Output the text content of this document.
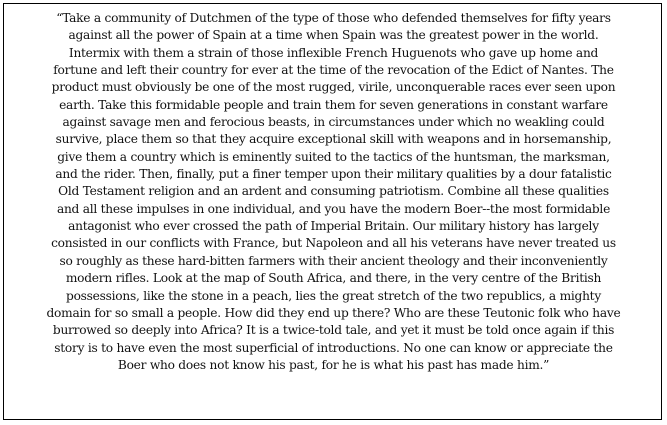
“Take a community of Dutchmen of the type of those who defended themselves for fifty years
against all the power of Spain at a time when Spain was the greatest power in the world.
Intermix with them a strain of those inflexible French Huguenots who gave up home and
fortune and left their country for ever at the time of the revocation of the Edict of Nantes. The
product must obviously be one of the most rugged, virile, unconquerable races ever seen upon
earth. Take this formidable people and train them for seven generations in constant warfare
against savage men and ferocious beasts, in circumstances under which no weakling could
survive, place them so that they acquire exceptional skill with weapons and in horsemanship,
give them a country which is eminently suited to the tactics of the huntsman, the marksman,
and the rider. Then, finally, put a finer temper upon their military qualities by a dour fatalistic
Old Testament religion and an ardent and consuming patriotism. Combine all these qualities
and all these impulses in one individual, and you have the modern Boer--the most formidable
antagonist who ever crossed the path of Imperial Britain. Our military history has largely
consisted in our conflicts with France, but Napoleon and all his veterans have never treated us
so roughly as these hard-bitten farmers with their ancient theology and their inconveniently
modern rifles. Look at the map of South Africa, and there, in the very centre of the British
possessions, like the stone in a peach, lies the great stretch of the two republics, a mighty
domain for so small a people. How did they end up there? Who are these Teutonic folk who have
burrowed so deeply into Africa? It is a twice-told tale, and yet it must be told once again if this
story is to have even the most superficial of introductions. No one can know or appreciate the
Boer who does not know his past, for he is what his past has made him.”
